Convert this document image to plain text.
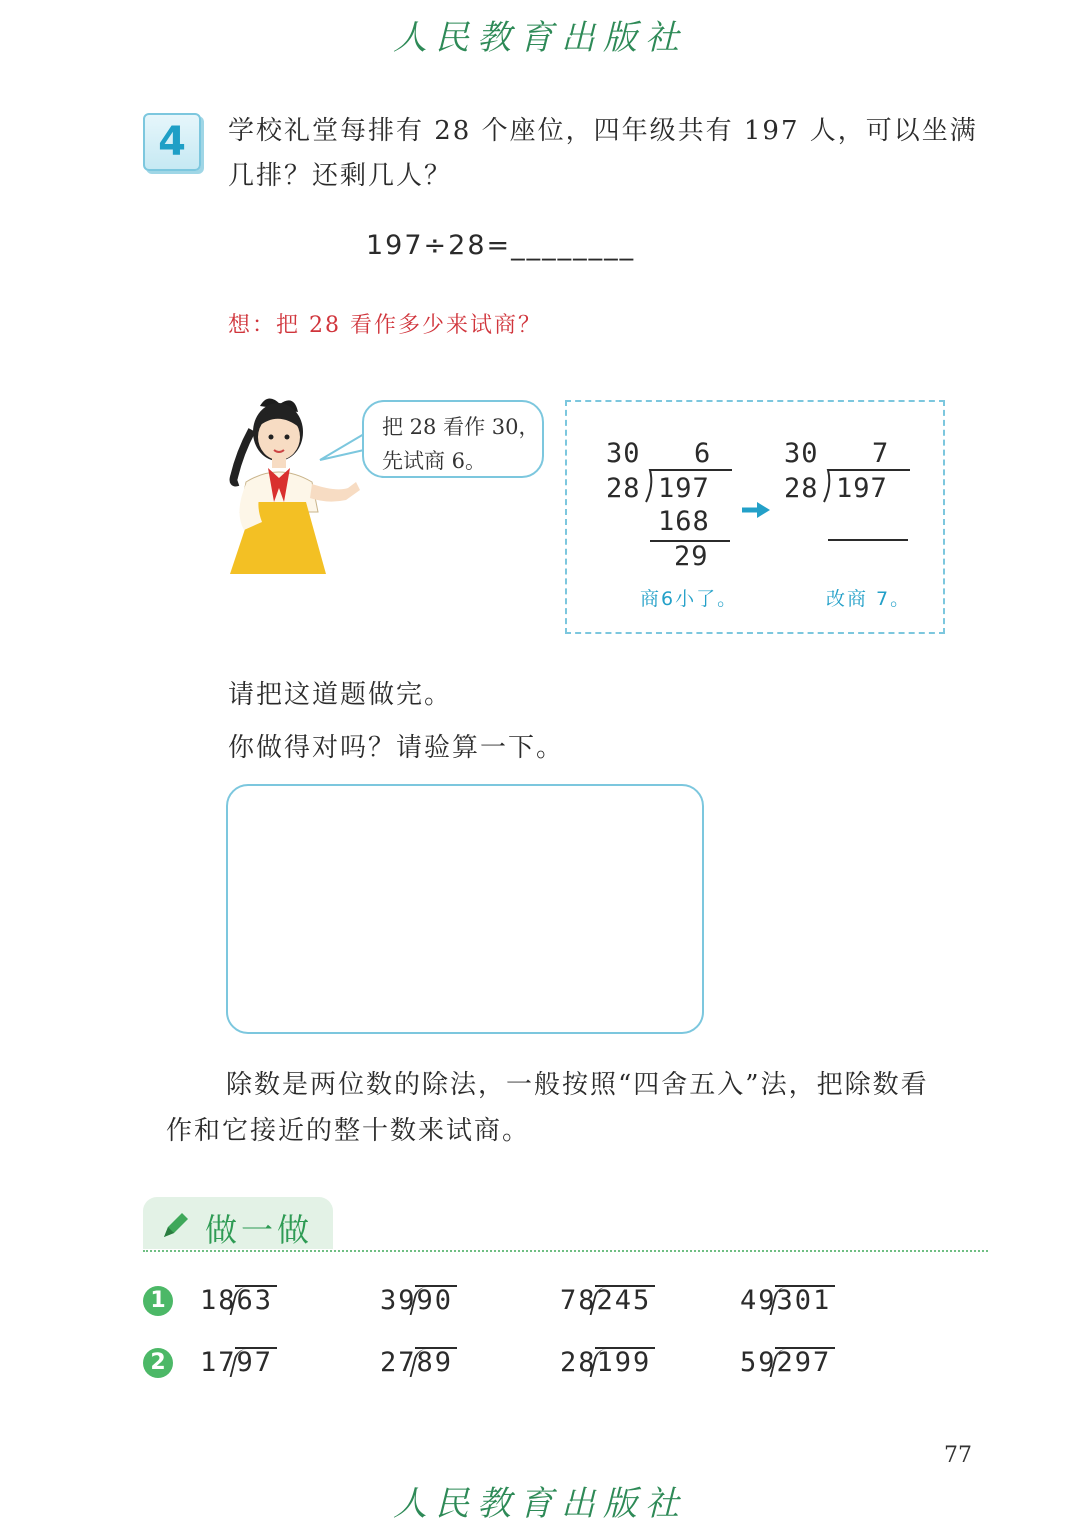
人民教育出版社
4	学校礼堂每排有 28 个座位，四年级共有 197 人，可以坐满
几排？还剩几人？
197÷28=________
想：把 28 看作多少来试商？
把 28 看作 30，
先试商 6。	30 6
28 197
168
29
商6小了。
30 7
28 197
改商 7。
请把这道题做完。
你做得对吗？请验算一下。
除数是两位数的除法，一般按照“四舍五入”法，把除数看
作和它接近的整十数来试商。
做一做
1 1863	3990	78245	49301
2 1797	2789	28199	59297
77
人民教育出版社
